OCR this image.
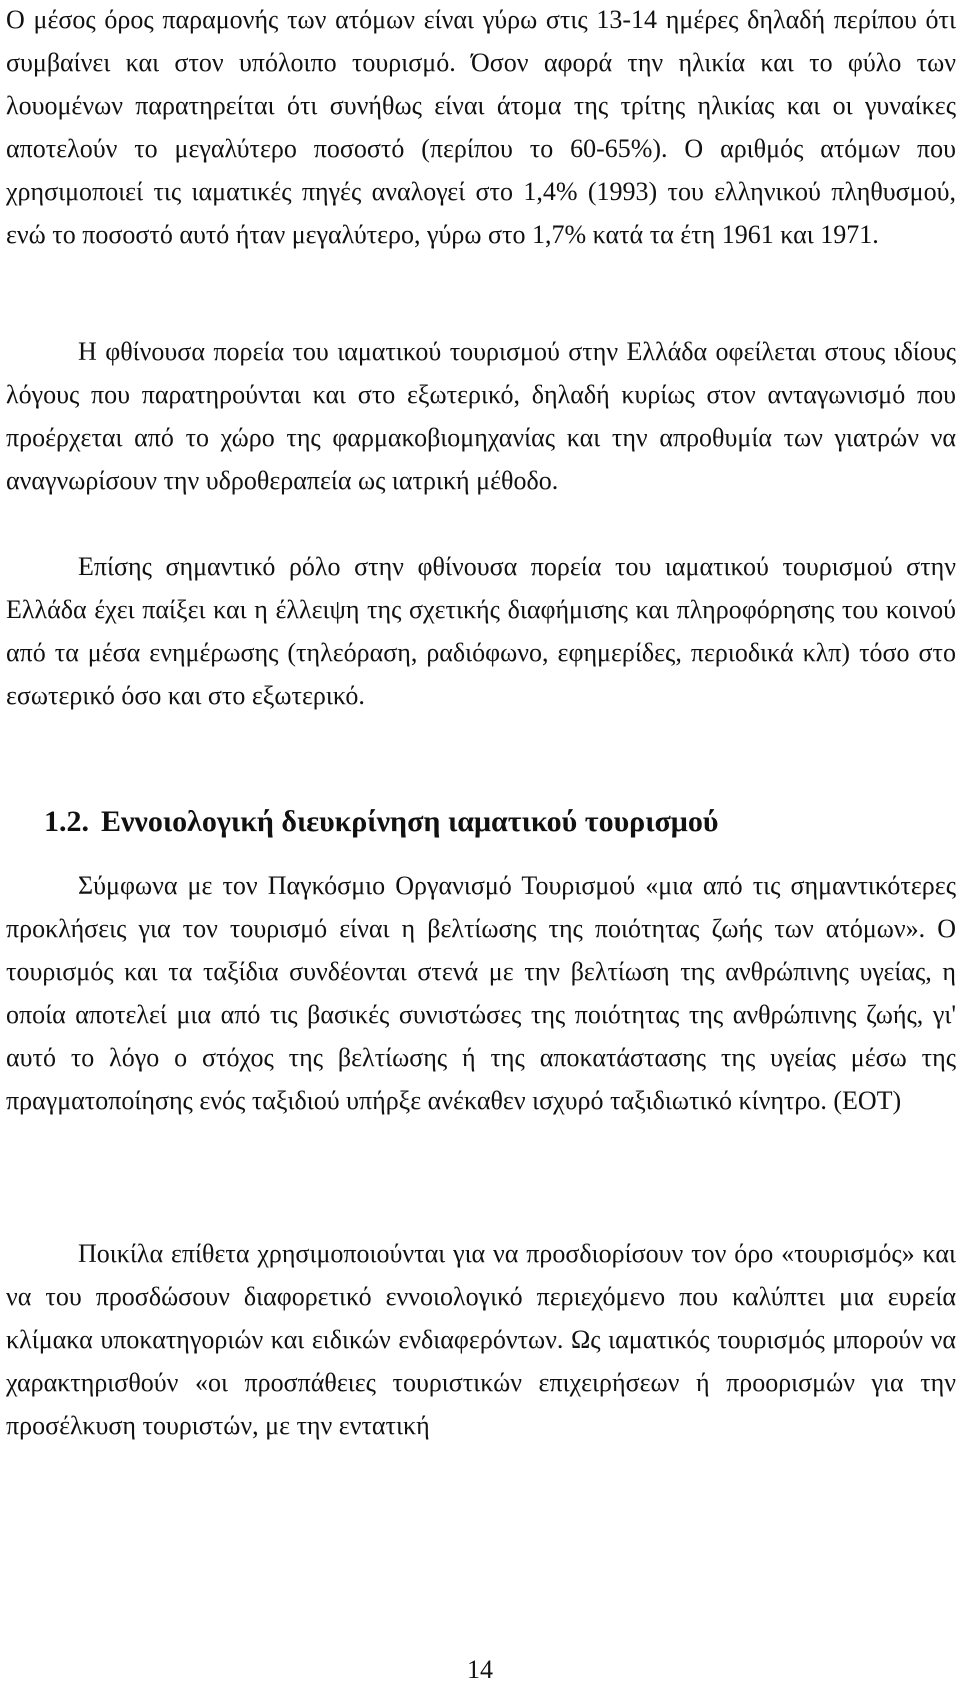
Ο μέσος όρος παραμονής των ατόμων είναι γύρω στις 13-14 ημέρες δηλαδή περίπου ότι συμβαίνει και στον υπόλοιπο τουρισμό. Όσον αφορά την ηλικία και το φύλο των λουομένων παρατηρείται ότι συνήθως είναι άτομα της τρίτης ηλικίας και οι γυναίκες αποτελούν το μεγαλύτερο ποσοστό (περίπου το 60-65%). Ο αριθμός ατόμων που χρησιμοποιεί τις ιαματικές πηγές αναλογεί στο 1,4% (1993) του ελληνικού πληθυσμού, ενώ το ποσοστό αυτό ήταν μεγαλύτερο, γύρω στο 1,7% κατά τα έτη 1961 και 1971.

Η φθίνουσα πορεία του ιαματικού τουρισμού στην Ελλάδα οφείλεται στους ιδίους λόγους που παρατηρούνται και στο εξωτερικό, δηλαδή κυρίως στον ανταγωνισμό που προέρχεται από το χώρο της φαρμακοβιομηχανίας και την απροθυμία των γιατρών να αναγνωρίσουν την υδροθεραπεία ως ιατρική μέθοδο.

Επίσης σημαντικό ρόλο στην φθίνουσα πορεία του ιαματικού τουρισμού στην Ελλάδα έχει παίξει και η έλλειψη της σχετικής διαφήμισης και πληροφόρησης του κοινού από τα μέσα ενημέρωσης (τηλεόραση, ραδιόφωνο, εφημερίδες, περιοδικά κλπ) τόσο στο εσωτερικό όσο και στο εξωτερικό.

1.2. Εννοιολογική διευκρίνηση ιαματικού τουρισμού

Σύμφωνα με τον Παγκόσμιο Οργανισμό Τουρισμού «μια από τις σημαντικότερες προκλήσεις για τον τουρισμό είναι η βελτίωσης της ποιότητας ζωής των ατόμων». Ο τουρισμός και τα ταξίδια συνδέονται στενά με την βελτίωση της ανθρώπινης υγείας, η οποία αποτελεί μια από τις βασικές συνιστώσες της ποιότητας της ανθρώπινης ζωής, γι' αυτό το λόγο ο στόχος της βελτίωσης ή της αποκατάστασης της υγείας μέσω της πραγματοποίησης ενός ταξιδιού υπήρξε ανέκαθεν ισχυρό ταξιδιωτικό κίνητρο. (ΕΟΤ)

Ποικίλα επίθετα χρησιμοποιούνται για να προσδιορίσουν τον όρο «τουρισμός» και να του προσδώσουν διαφορετικό εννοιολογικό περιεχόμενο που καλύπτει μια ευρεία κλίμακα υποκατηγοριών και ειδικών ενδιαφερόντων. Ως ιαματικός τουρισμός μπορούν να χαρακτηρισθούν «οι προσπάθειες τουριστικών επιχειρήσεων ή προορισμών για την προσέλκυση τουριστών, με την εντατική

14
